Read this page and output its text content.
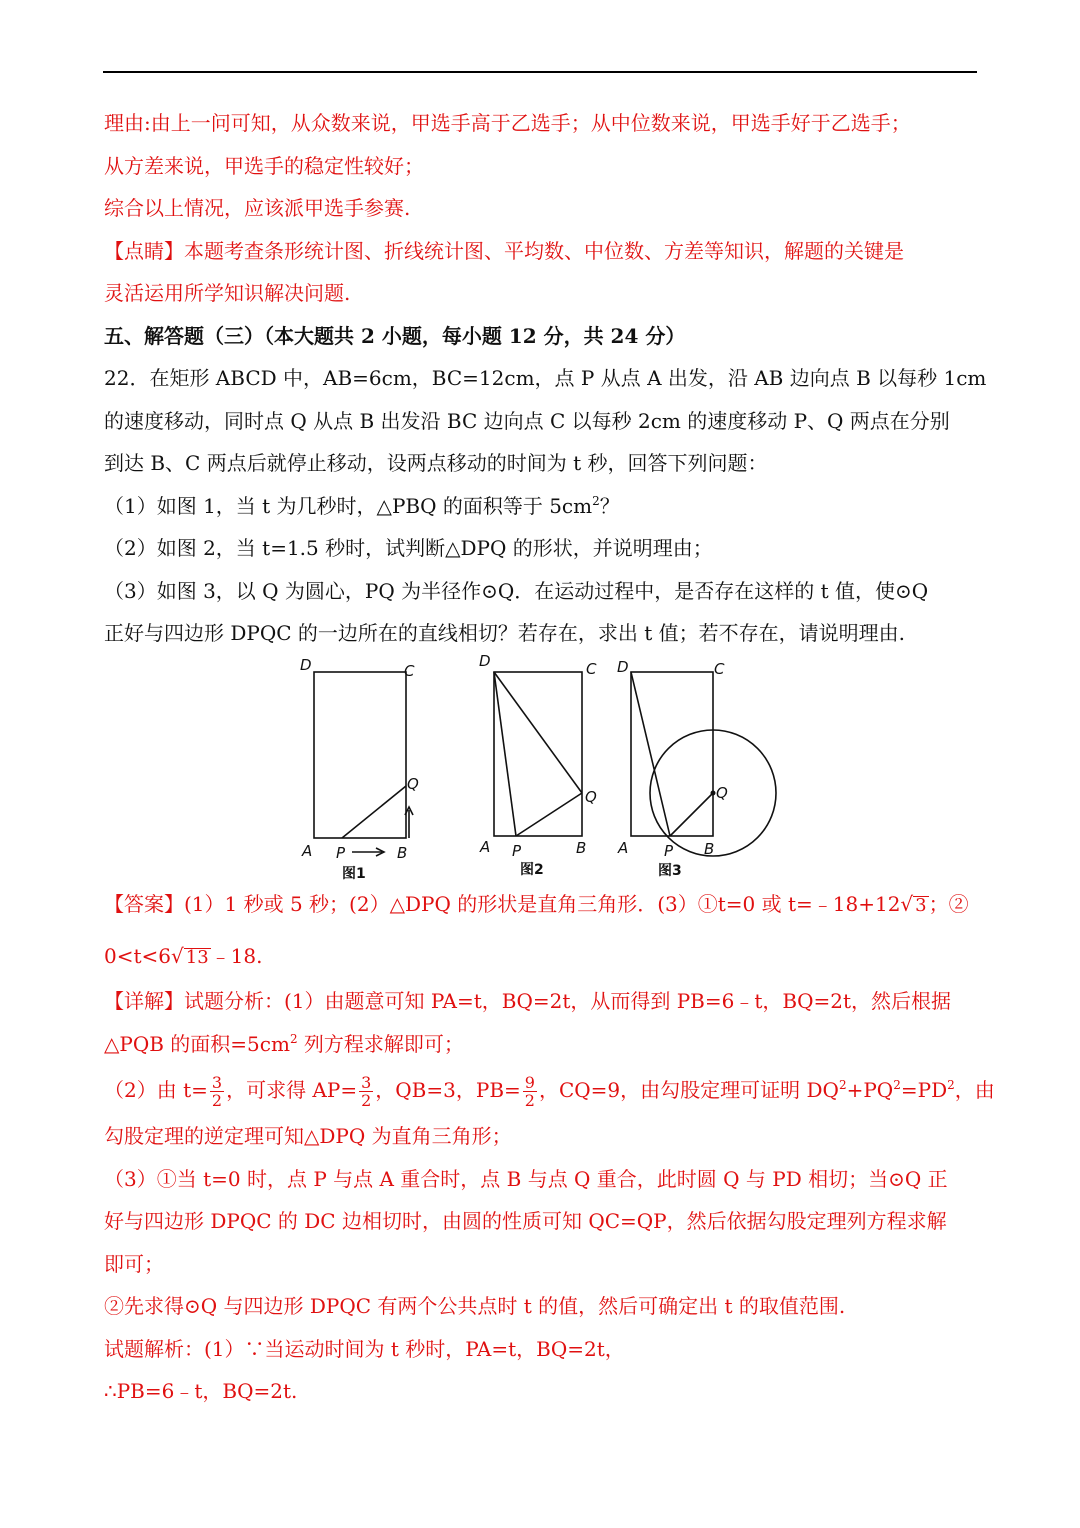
理由:由上一问可知，从众数来说，甲选手高于乙选手；从中位数来说，甲选手好于乙选手；
从方差来说，甲选手的稳定性较好；
综合以上情况，应该派甲选手参赛.
【点睛】本题考查条形统计图、折线统计图、平均数、中位数、方差等知识，解题的关键是
灵活运用所学知识解决问题.
五、解答题（三）（本大题共 2 小题，每小题 12 分，共 24 分）
22．在矩形 ABCD 中，AB=6cm，BC=12cm，点 P 从点 A 出发，沿 AB 边向点 B 以每秒 1cm
的速度移动，同时点 Q 从点 B 出发沿 BC 边向点 C 以每秒 2cm 的速度移动 P、Q 两点在分别
到达 B、C 两点后就停止移动，设两点移动的时间为 t 秒，回答下列问题：
（1）如图 1，当 t 为几秒时，△PBQ 的面积等于 $5cm^2$？
（2）如图 2，当 t=1.5 秒时，试判断△DPQ 的形状，并说明理由；
（3）如图 3，以 Q 为圆心，PQ 为半径作⊙Q．在运动过程中，是否存在这样的 t 值，使⊙Q
正好与四边形 DPQC 的一边所在的直线相切？若存在，求出 t 值；若不存在，请说明理由.
D	C
Q
A P	B
D	C
Q
A P	B
D	C
Q
A P B
图1	图2	图3
【答案】(1）1 秒或 5 秒；(2）△DPQ 的形状是直角三角形．(3）①t=0 或 t=﹣18+12√ 3 ；②
0<t<6√ 13 ﹣18.
【详解】试题分析：(1）由题意可知 PA=t，BQ=2t，从而得到 PB=6﹣t，BQ=2t，然后根据
△PQB 的面积$=5cm^2$ 列方程求解即可；
（2）由 $t= \frac{3}{2}$ ，可求得 $AP= \frac{3}{2}$ ，QB=3，$PB= \frac{9}{2}$ ，CQ=9，由勾股定理可证明 $DQ^2+PQ^2=PD^2$，由
勾股定理的逆定理可知△DPQ 为直角三角形；
（3）①当 t=0 时，点 P 与点 A 重合时，点 B 与点 Q 重合，此时圆 Q 与 PD 相切；当⊙Q 正
好与四边形 DPQC 的 DC 边相切时，由圆的性质可知 QC=QP，然后依据勾股定理列方程求解
即可；
②先求得⊙Q 与四边形 DPQC 有两个公共点时 t 的值，然后可确定出 t 的取值范围.
试题解析：(1）∵当运动时间为 t 秒时，PA=t，BQ=2t，
∴PB=6﹣t，BQ=2t.
